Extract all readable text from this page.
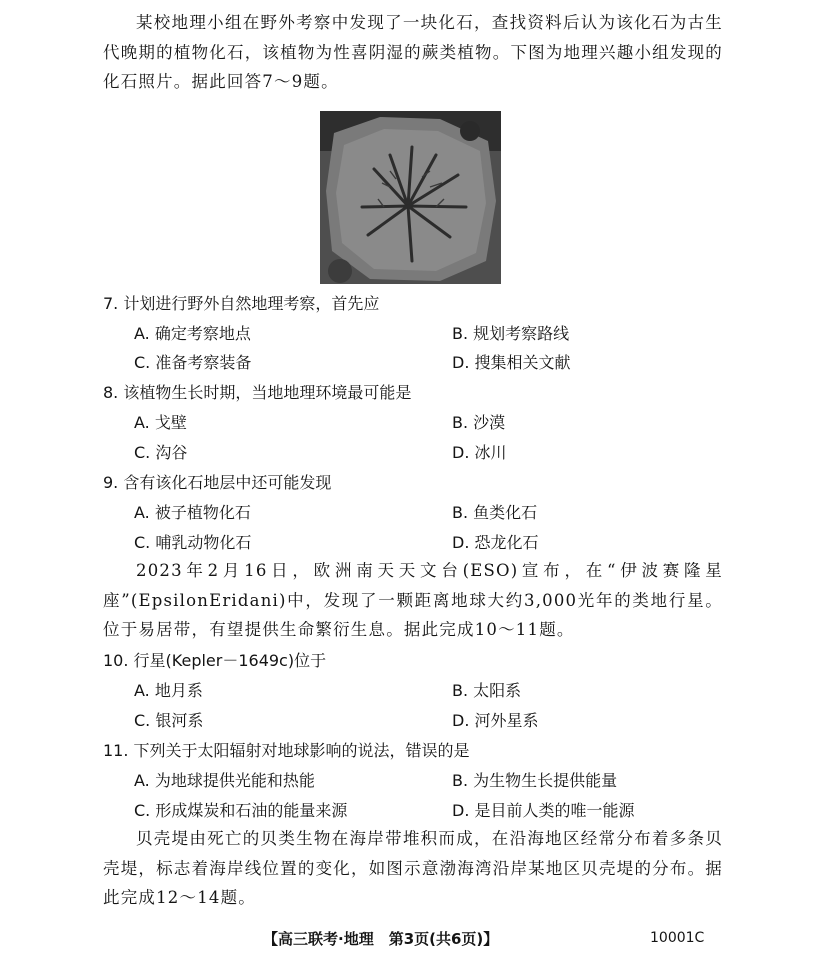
某校地理小组在野外考察中发现了一块化石，查找资料后认为该化石为古生代晚期的植物化石，该植物为性喜阴湿的蕨类植物。下图为地理兴趣小组发现的化石照片。据此回答7～9题。
7. 计划进行野外自然地理考察，首先应
A. 确定考察地点	B. 规划考察路线
C. 准备考察装备	D. 搜集相关文献
8. 该植物生长时期，当地地理环境最可能是
A. 戈壁	B. 沙漠
C. 沟谷	D. 冰川
9. 含有该化石地层中还可能发现
A. 被子植物化石	B. 鱼类化石
C. 哺乳动物化石	D. 恐龙化石
2023年2月16日，欧洲南天天文台(ESO)宣布，在“伊波赛隆星座”(EpsilonEridani)中，发现了一颗距离地球大约3,000光年的类地行星。位于易居带，有望提供生命繁衍生息。据此完成10～11题。
10. 行星(Kepler－1649c)位于
A. 地月系	B. 太阳系
C. 银河系	D. 河外星系
11. 下列关于太阳辐射对地球影响的说法，错误的是
A. 为地球提供光能和热能	B. 为生物生长提供能量
C. 形成煤炭和石油的能量来源	D. 是目前人类的唯一能源
贝壳堤由死亡的贝类生物在海岸带堆积而成，在沿海地区经常分布着多条贝壳堤，标志着海岸线位置的变化，如图示意渤海湾沿岸某地区贝壳堤的分布。据此完成12～14题。
【高三联考·地理　第3页(共6页)】	10001C
